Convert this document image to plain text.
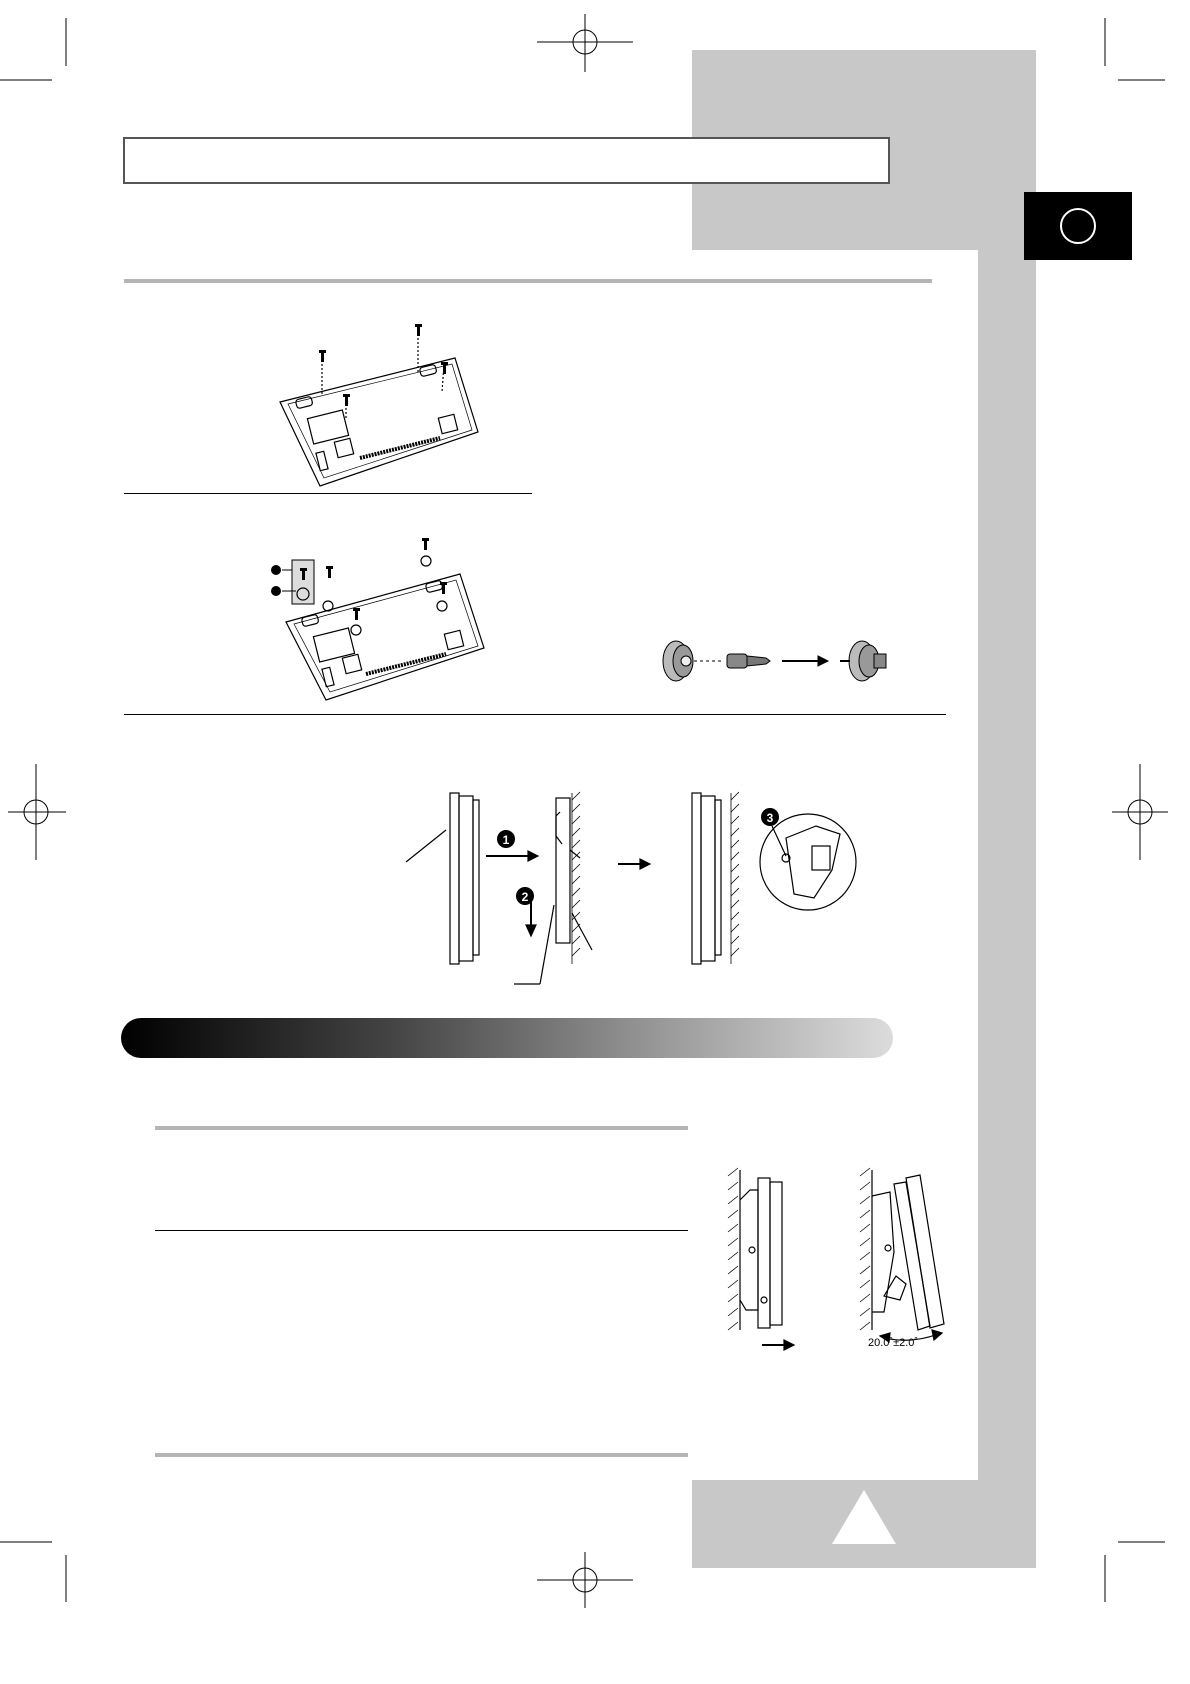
1
2
3
20.0˚±2.0˚
